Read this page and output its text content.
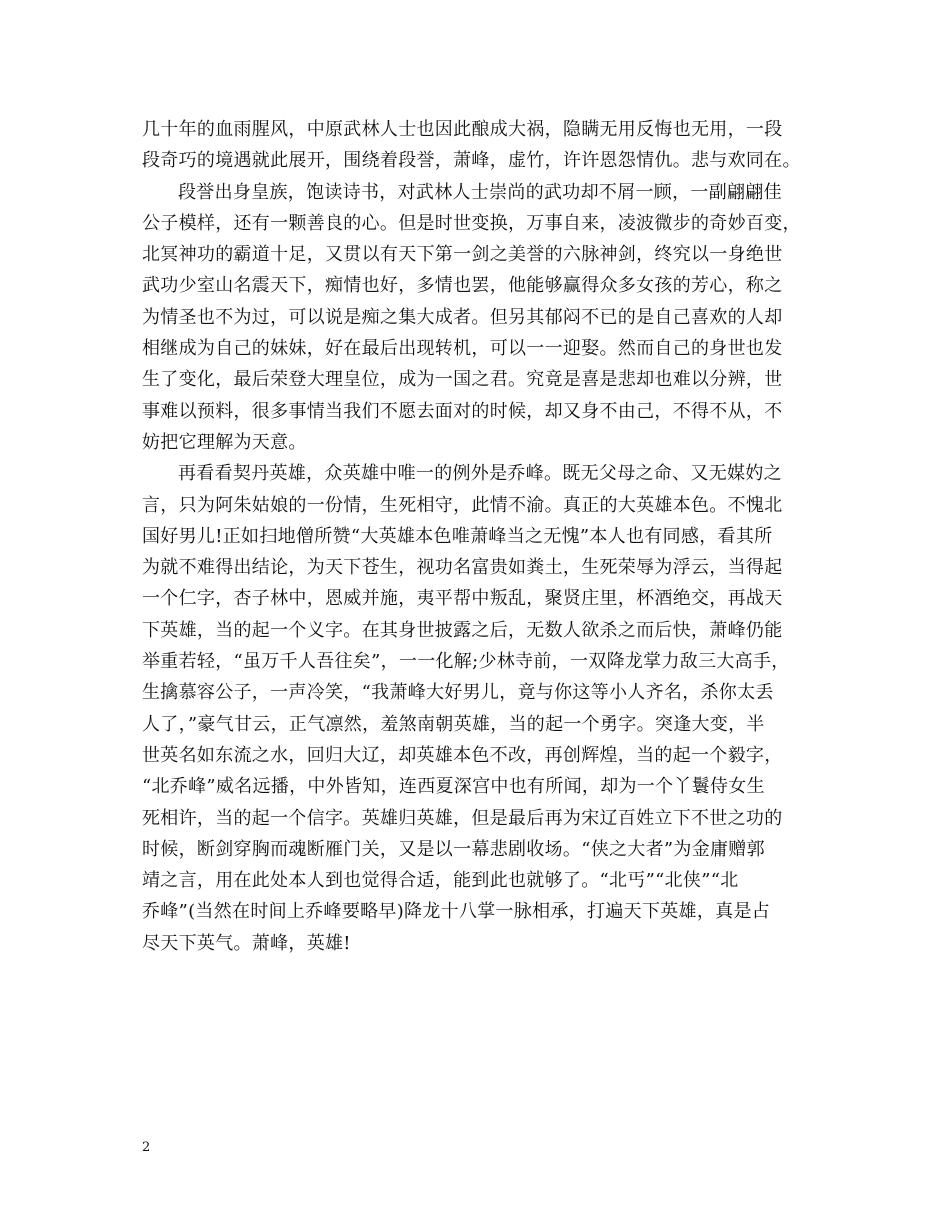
几十年的血雨腥风，中原武林人士也因此酿成大祸，隐瞒无用反悔也无用，一段
段奇巧的境遇就此展开，围绕着段誉，萧峰，虚竹，许许恩怨情仇。悲与欢同在。
段誉出身皇族，饱读诗书，对武林人士崇尚的武功却不屑一顾，一副翩翩佳
公子模样，还有一颗善良的心。但是时世变换，万事自来，凌波微步的奇妙百变，
北冥神功的霸道十足，又贯以有天下第一剑之美誉的六脉神剑，终究以一身绝世
武功少室山名震天下，痴情也好，多情也罢，他能够赢得众多女孩的芳心，称之
为情圣也不为过，可以说是痴之集大成者。但另其郁闷不已的是自己喜欢的人却
相继成为自己的妹妹，好在最后出现转机，可以一一迎娶。然而自己的身世也发
生了变化，最后荣登大理皇位，成为一国之君。究竟是喜是悲却也难以分辨，世
事难以预料，很多事情当我们不愿去面对的时候，却又身不由己，不得不从，不
妨把它理解为天意。
再看看契丹英雄，众英雄中唯一的例外是乔峰。既无父母之命、又无媒妁之
言，只为阿朱姑娘的一份情，生死相守，此情不渝。真正的大英雄本色。不愧北
国好男儿!正如扫地僧所赞“大英雄本色唯萧峰当之无愧”本人也有同感，看其所
为就不难得出结论，为天下苍生，视功名富贵如粪土，生死荣辱为浮云，当得起
一个仁字，杏子林中，恩威并施，夷平帮中叛乱，聚贤庄里，杯酒绝交，再战天
下英雄，当的起一个义字。在其身世披露之后，无数人欲杀之而后快，萧峰仍能
举重若轻，“虽万千人吾往矣”，一一化解;少林寺前，一双降龙掌力敌三大高手，
生擒慕容公子，一声冷笑，“我萧峰大好男儿，竟与你这等小人齐名，杀你太丢
人了，”豪气甘云，正气凛然，羞煞南朝英雄，当的起一个勇字。突逢大变，半
世英名如东流之水，回归大辽，却英雄本色不改，再创辉煌，当的起一个毅字，
“北乔峰”威名远播，中外皆知，连西夏深宫中也有所闻，却为一个丫鬟侍女生
死相许，当的起一个信字。英雄归英雄，但是最后再为宋辽百姓立下不世之功的
时候，断剑穿胸而魂断雁门关，又是以一幕悲剧收场。“侠之大者”为金庸赠郭
靖之言，用在此处本人到也觉得合适，能到此也就够了。“北丐”“北侠”“北
乔峰”(当然在时间上乔峰要略早)降龙十八掌一脉相承，打遍天下英雄，真是占
尽天下英气。萧峰，英雄!
2
